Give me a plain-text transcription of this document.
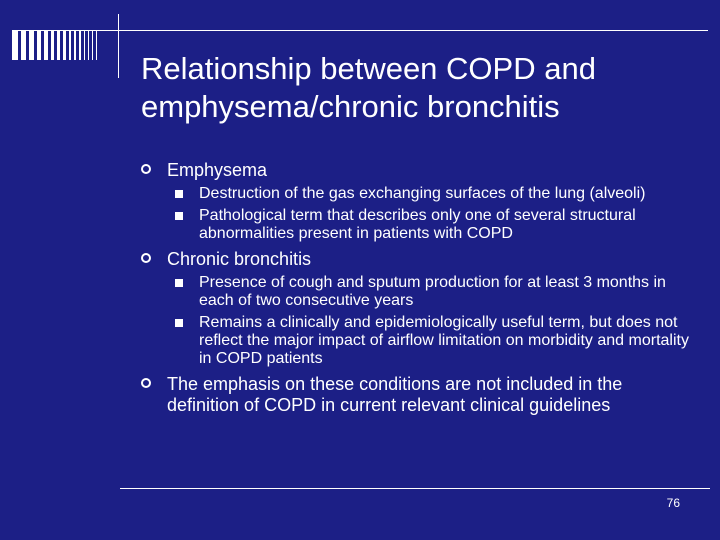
Relationship between COPD and emphysema/chronic bronchitis

Emphysema

Destruction of the gas exchanging surfaces of the lung (alveoli)

Pathological term that describes only one of several structural abnormalities present in patients with COPD

Chronic bronchitis

Presence of cough and sputum production for at least 3 months in each of two consecutive years

Remains a clinically and epidemiologically useful term, but does not reflect the major impact of airflow limitation on morbidity and mortality in COPD patients

The emphasis on these conditions are not included in the definition of COPD in current relevant clinical guidelines

76
